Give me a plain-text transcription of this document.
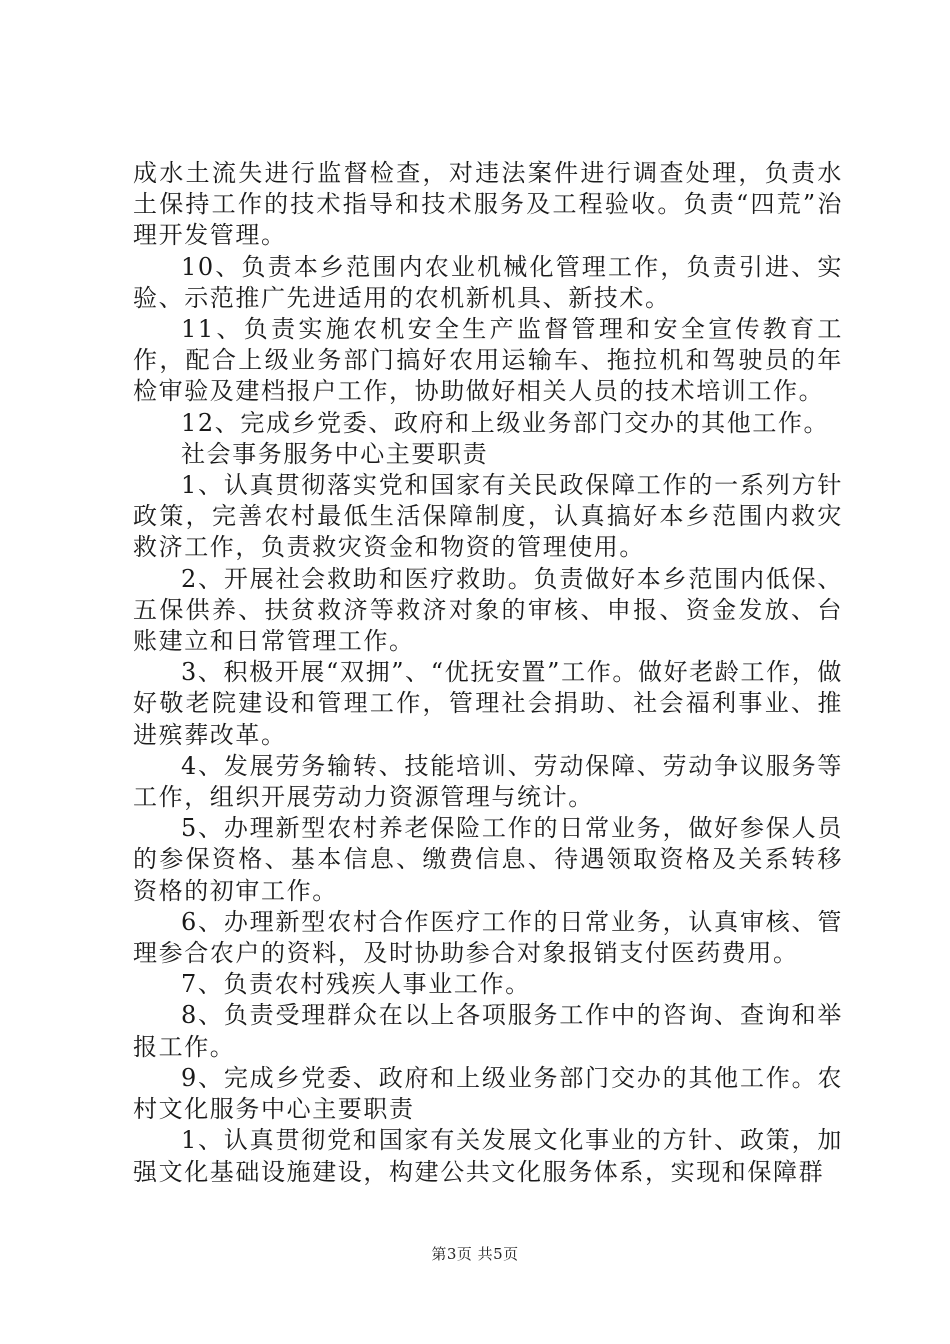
成水土流失进行监督检查，对违法案件进行调查处理，负责水土保持工作的技术指导和技术服务及工程验收。负责“四荒”治理开发管理。

10、负责本乡范围内农业机械化管理工作，负责引进、实验、示范推广先进适用的农机新机具、新技术。

11、负责实施农机安全生产监督管理和安全宣传教育工作，配合上级业务部门搞好农用运输车、拖拉机和驾驶员的年检审验及建档报户工作，协助做好相关人员的技术培训工作。

12、完成乡党委、政府和上级业务部门交办的其他工作。

社会事务服务中心主要职责

1、认真贯彻落实党和国家有关民政保障工作的一系列方针政策，完善农村最低生活保障制度，认真搞好本乡范围内救灾救济工作，负责救灾资金和物资的管理使用。

2、开展社会救助和医疗救助。负责做好本乡范围内低保、五保供养、扶贫救济等救济对象的审核、申报、资金发放、台账建立和日常管理工作。

3、积极开展“双拥”、“优抚安置”工作。做好老龄工作，做好敬老院建设和管理工作，管理社会捐助、社会福利事业、推进殡葬改革。

4、发展劳务输转、技能培训、劳动保障、劳动争议服务等工作，组织开展劳动力资源管理与统计。

5、办理新型农村养老保险工作的日常业务，做好参保人员的参保资格、基本信息、缴费信息、待遇领取资格及关系转移资格的初审工作。

6、办理新型农村合作医疗工作的日常业务，认真审核、管理参合农户的资料，及时协助参合对象报销支付医药费用。

7、负责农村残疾人事业工作。

8、负责受理群众在以上各项服务工作中的咨询、查询和举报工作。

9、完成乡党委、政府和上级业务部门交办的其他工作。农村文化服务中心主要职责

1、认真贯彻党和国家有关发展文化事业的方针、政策，加强文化基础设施建设，构建公共文化服务体系，实现和保障群

第3页 共5页
